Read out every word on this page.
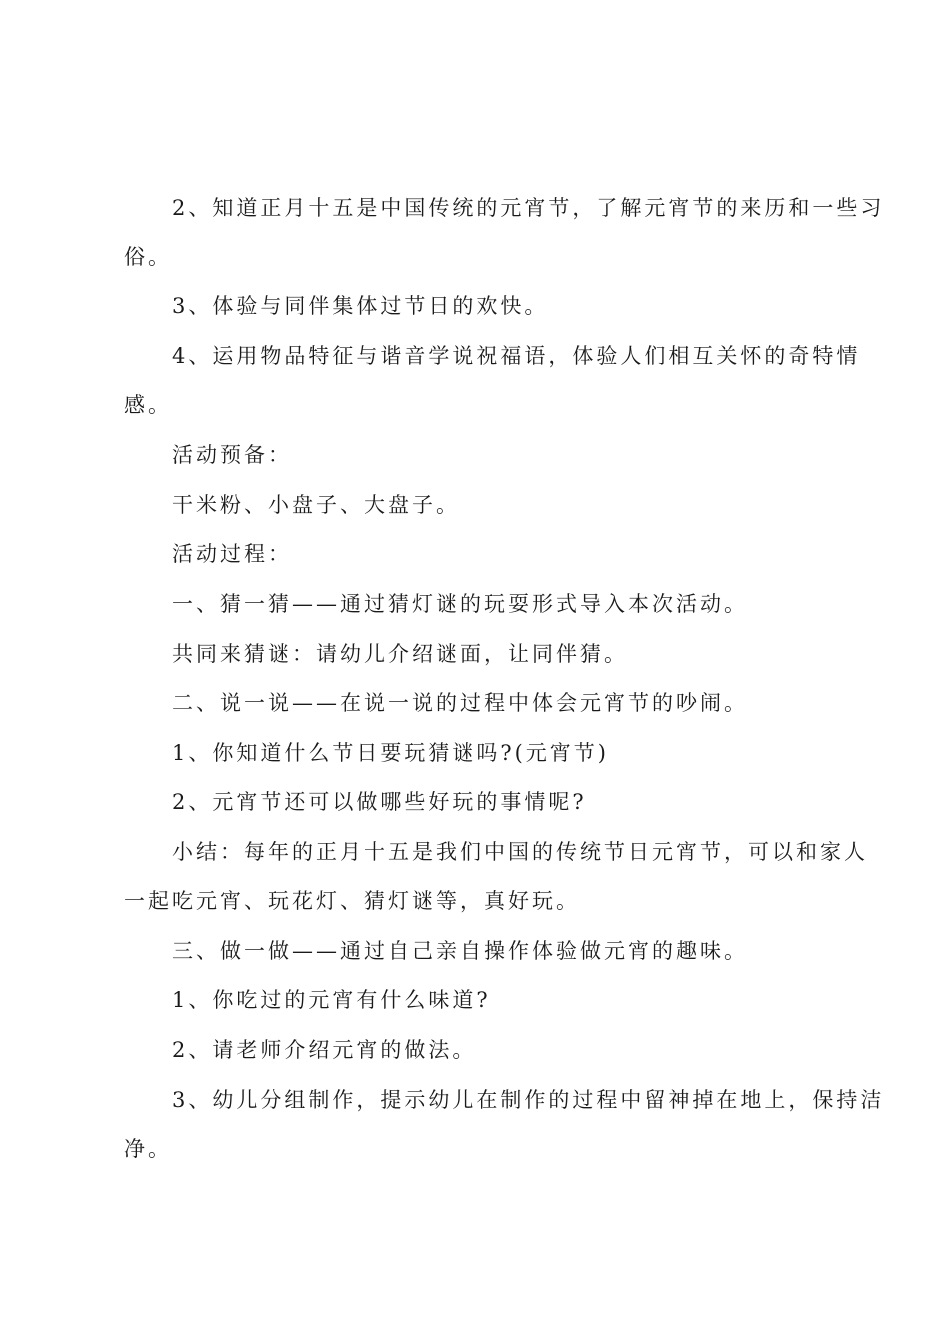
2、知道正月十五是中国传统的元宵节，了解元宵节的来历和一些习
俗。
3、体验与同伴集体过节日的欢快。
4、运用物品特征与谐音学说祝福语，体验人们相互关怀的奇特情
感。
活动预备：
干米粉、小盘子、大盘子。
活动过程：
一、猜一猜——通过猜灯谜的玩耍形式导入本次活动。
共同来猜谜：请幼儿介绍谜面，让同伴猜。
二、说一说——在说一说的过程中体会元宵节的吵闹。
1、你知道什么节日要玩猜谜吗?(元宵节)
2、元宵节还可以做哪些好玩的事情呢?
小结：每年的正月十五是我们中国的传统节日元宵节，可以和家人
一起吃元宵、玩花灯、猜灯谜等，真好玩。
三、做一做——通过自己亲自操作体验做元宵的趣味。
1、你吃过的元宵有什么味道?
2、请老师介绍元宵的做法。
3、幼儿分组制作，提示幼儿在制作的过程中留神掉在地上，保持洁
净。
